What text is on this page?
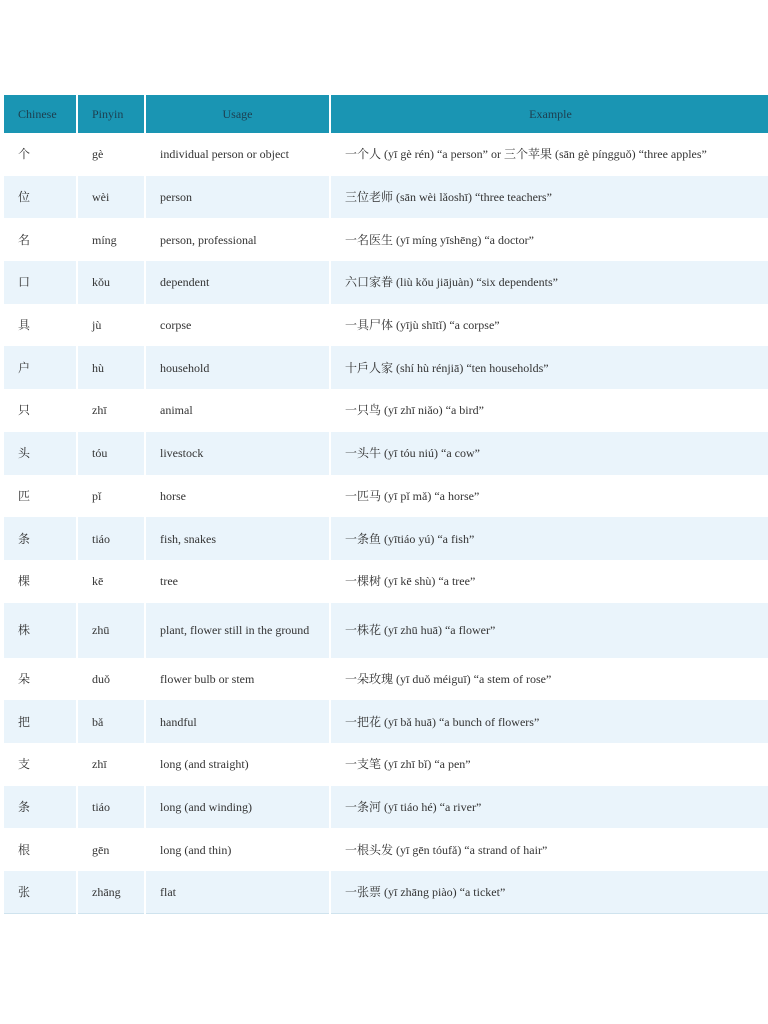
Chinese	Pinyin	Usage	Example
个	gè	individual person or object	一个人 (yī gè rén) “a person” or 三个苹果 (sān gè píngguǒ) “three apples”
位	wèi	person	三位老师 (sān wèi lǎoshī) “three teachers”
名	míng	person, professional	一名医生 (yī míng yīshēng) “a doctor”
口	kǒu	dependent	六口家眷 (liù kǒu jiājuàn) “six dependents”
具	jù	corpse	一具尸体 (yījù shītǐ) “a corpse”
户	hù	household	十戶人家 (shí hù rénjiā) “ten households”
只	zhī	animal	一只鸟 (yī zhī niǎo) “a bird”
头	tóu	livestock	一头牛 (yī tóu niú) “a cow”
匹	pǐ	horse	一匹马 (yī pǐ mǎ) “a horse”
条	tiáo	fish, snakes	一条鱼 (yītiáo yú) “a fish”
棵	kē	tree	一棵树 (yī kē shù) “a tree”
株	zhū	plant, flower still in the ground	一株花 (yī zhū huā) “a flower”
朵	duǒ	flower bulb or stem	一朵玫瑰 (yī duǒ méiguī) “a stem of rose”
把	bǎ	handful	一把花 (yī bǎ huā) “a bunch of flowers”
支	zhī	long (and straight)	一支笔 (yī zhī bǐ) “a pen”
条	tiáo	long (and winding)	一条河 (yī tiáo hé) “a river”
根	gēn	long (and thin)	一根头发 (yī gēn tóufǎ) “a strand of hair”
张	zhāng	flat	一张票 (yī zhāng piào) “a ticket”
